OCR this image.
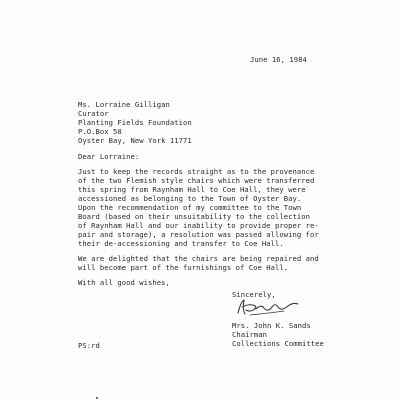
June 16, 1984
Ms. Lorraine Gilligan
Curator
Planting Fields Foundation
P.O.Box 58
Oyster Bay, New York 11771
Dear Lorraine:
Just to keep the records straight as to the provenance
of the two Flemish style chairs which were transferred
this spring from Raynham Hall to Coe Hall, they were
accessioned as belonging to the Town of Oyster Bay.
Upon the recommendation of my committee to the Town
Board (based on their unsuitability to the collection
of Raynham Hall and our inability to provide proper re-
pair and storage), a resolution was passed allowing for
their de-accessioning and transfer to Coe Hall.
We are delighted that the chairs are being repaired and
will become part of the furnishings of Coe Hall.
With all good wishes,
Sincerely,
Mrs. John K. Sands
Chairman
Collections Committee
PS:rd
